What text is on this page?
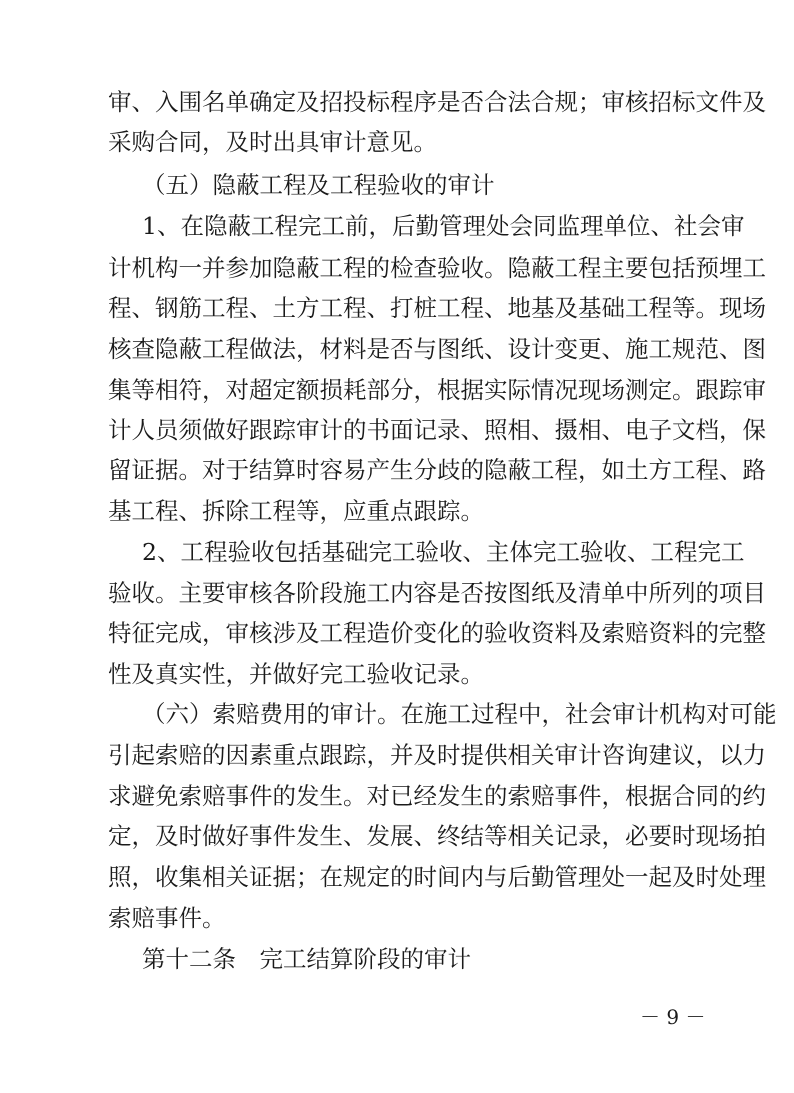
审、入围名单确定及招投标程序是否合法合规；审核招标文件及
采购合同，及时出具审计意见。
（五）隐蔽工程及工程验收的审计
1、在隐蔽工程完工前，后勤管理处会同监理单位、社会审
计机构一并参加隐蔽工程的检查验收。隐蔽工程主要包括预埋工
程、钢筋工程、土方工程、打桩工程、地基及基础工程等。现场
核查隐蔽工程做法，材料是否与图纸、设计变更、施工规范、图
集等相符，对超定额损耗部分，根据实际情况现场测定。跟踪审
计人员须做好跟踪审计的书面记录、照相、摄相、电子文档，保
留证据。对于结算时容易产生分歧的隐蔽工程，如土方工程、路
基工程、拆除工程等，应重点跟踪。
2、工程验收包括基础完工验收、主体完工验收、工程完工
验收。主要审核各阶段施工内容是否按图纸及清单中所列的项目
特征完成，审核涉及工程造价变化的验收资料及索赔资料的完整
性及真实性，并做好完工验收记录。
（六）索赔费用的审计。在施工过程中，社会审计机构对可能
引起索赔的因素重点跟踪，并及时提供相关审计咨询建议，以力
求避免索赔事件的发生。对已经发生的索赔事件，根据合同的约
定，及时做好事件发生、发展、终结等相关记录，必要时现场拍
照，收集相关证据；在规定的时间内与后勤管理处一起及时处理
索赔事件。
第十二条　完工结算阶段的审计
－ 9 －
